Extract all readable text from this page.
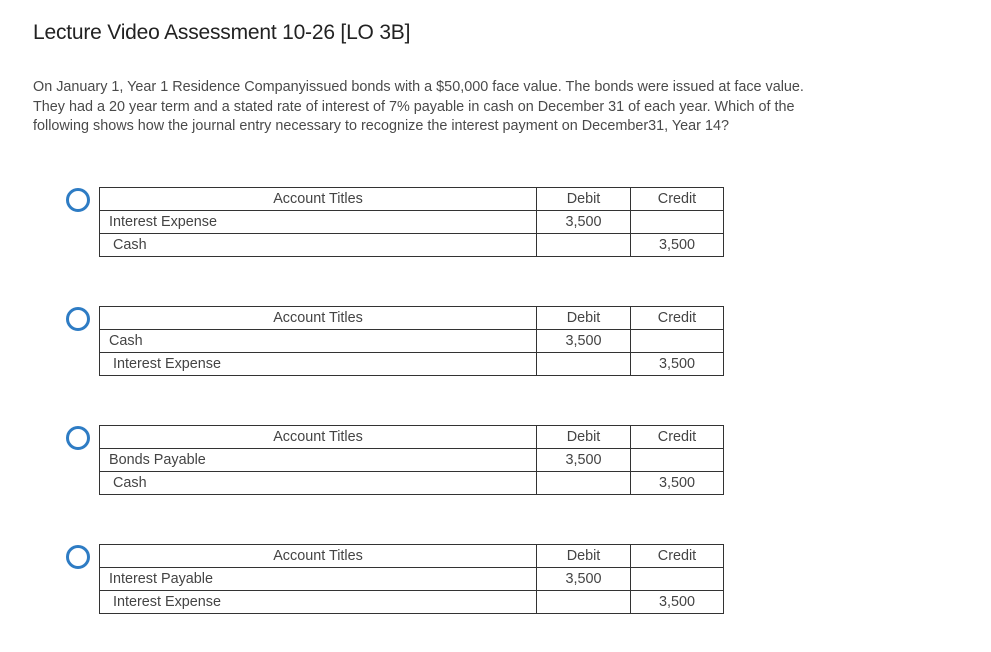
Lecture Video Assessment 10-26 [LO 3B]
On January 1, Year 1 Residence Companyissued bonds with a $50,000 face value. The bonds were issued at face value. They had a 20 year term and a stated rate of interest of 7% payable in cash on December 31 of each year. Which of the following shows how the journal entry necessary to recognize the interest payment on December31, Year 14?
Account Titles	Debit	Credit
Interest Expense	3,500	
Cash		3,500
Account Titles	Debit	Credit
Cash	3,500	
Interest Expense		3,500
Account Titles	Debit	Credit
Bonds Payable	3,500	
Cash		3,500
Account Titles	Debit	Credit
Interest Payable	3,500	
Interest Expense		3,500
